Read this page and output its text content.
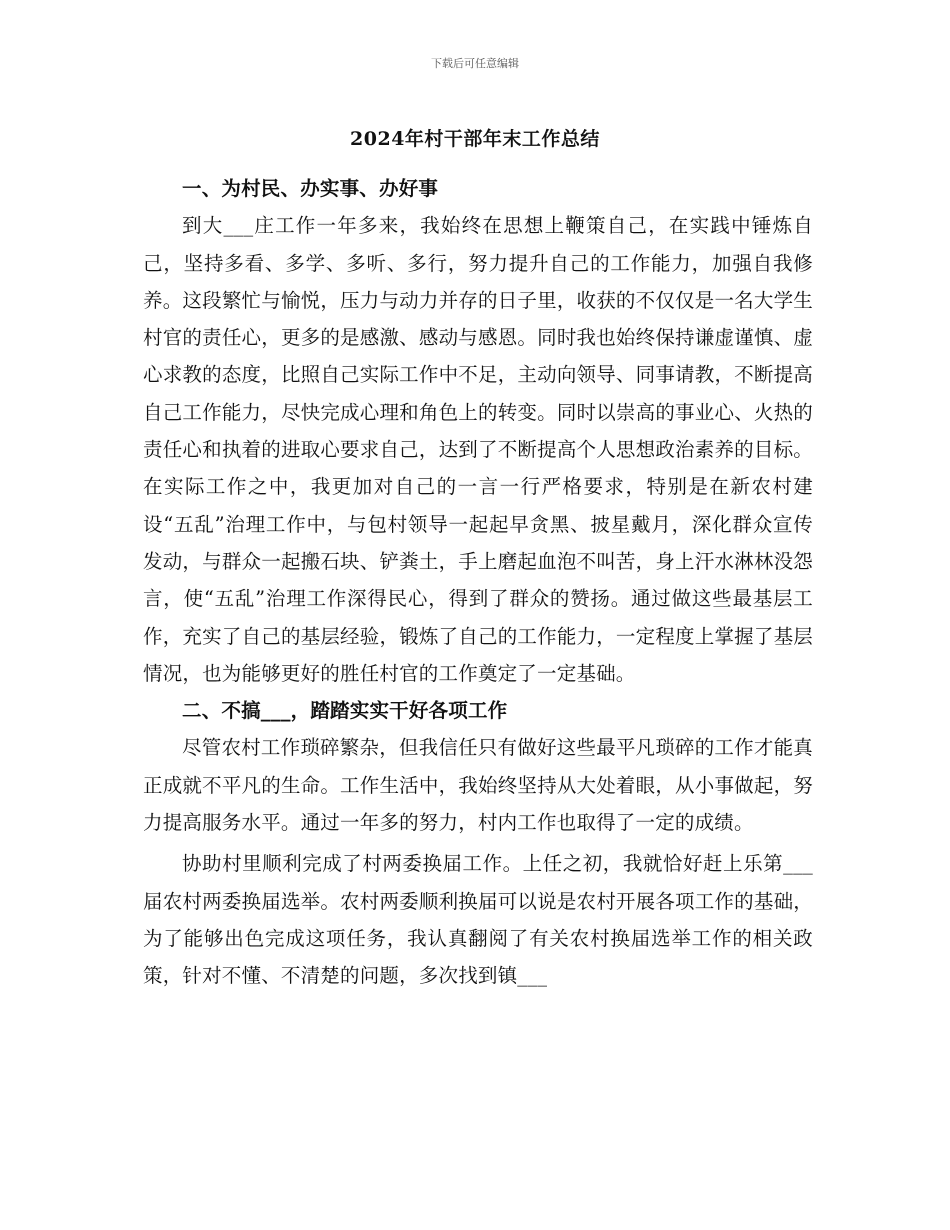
下载后可任意编辑
2024年村干部年末工作总结
一、为村民、办实事、办好事

到大___庄工作一年多来，我始终在思想上鞭策自己，在实践中锤炼自己，坚持多看、多学、多听、多行，努力提升自己的工作能力，加强自我修养。这段繁忙与愉悦，压力与动力并存的日子里，收获的不仅仅是一名大学生村官的责任心，更多的是感激、感动与感恩。同时我也始终保持谦虚谨慎、虚心求教的态度，比照自己实际工作中不足，主动向领导、同事请教，不断提高自己工作能力，尽快完成心理和角色上的转变。同时以崇高的事业心、火热的责任心和执着的进取心要求自己，达到了不断提高个人思想政治素养的目标。在实际工作之中，我更加对自己的一言一行严格要求，特别是在新农村建设“五乱”治理工作中，与包村领导一起起早贪黑、披星戴月，深化群众宣传发动，与群众一起搬石块、铲粪土，手上磨起血泡不叫苦，身上汗水淋林没怨言，使“五乱”治理工作深得民心，得到了群众的赞扬。通过做这些最基层工作，充实了自己的基层经验，锻炼了自己的工作能力，一定程度上掌握了基层情况，也为能够更好的胜任村官的工作奠定了一定基础。

二、不搞___，踏踏实实干好各项工作

尽管农村工作琐碎繁杂，但我信任只有做好这些最平凡琐碎的工作才能真正成就不平凡的生命。工作生活中，我始终坚持从大处着眼，从小事做起，努力提高服务水平。通过一年多的努力，村内工作也取得了一定的成绩。

协助村里顺利完成了村两委换届工作。上任之初，我就恰好赶上乐第___届农村两委换届选举。农村两委顺利换届可以说是农村开展各项工作的基础，为了能够出色完成这项任务，我认真翻阅了有关农村换届选举工作的相关政策，针对不懂、不清楚的问题，多次找到镇___
